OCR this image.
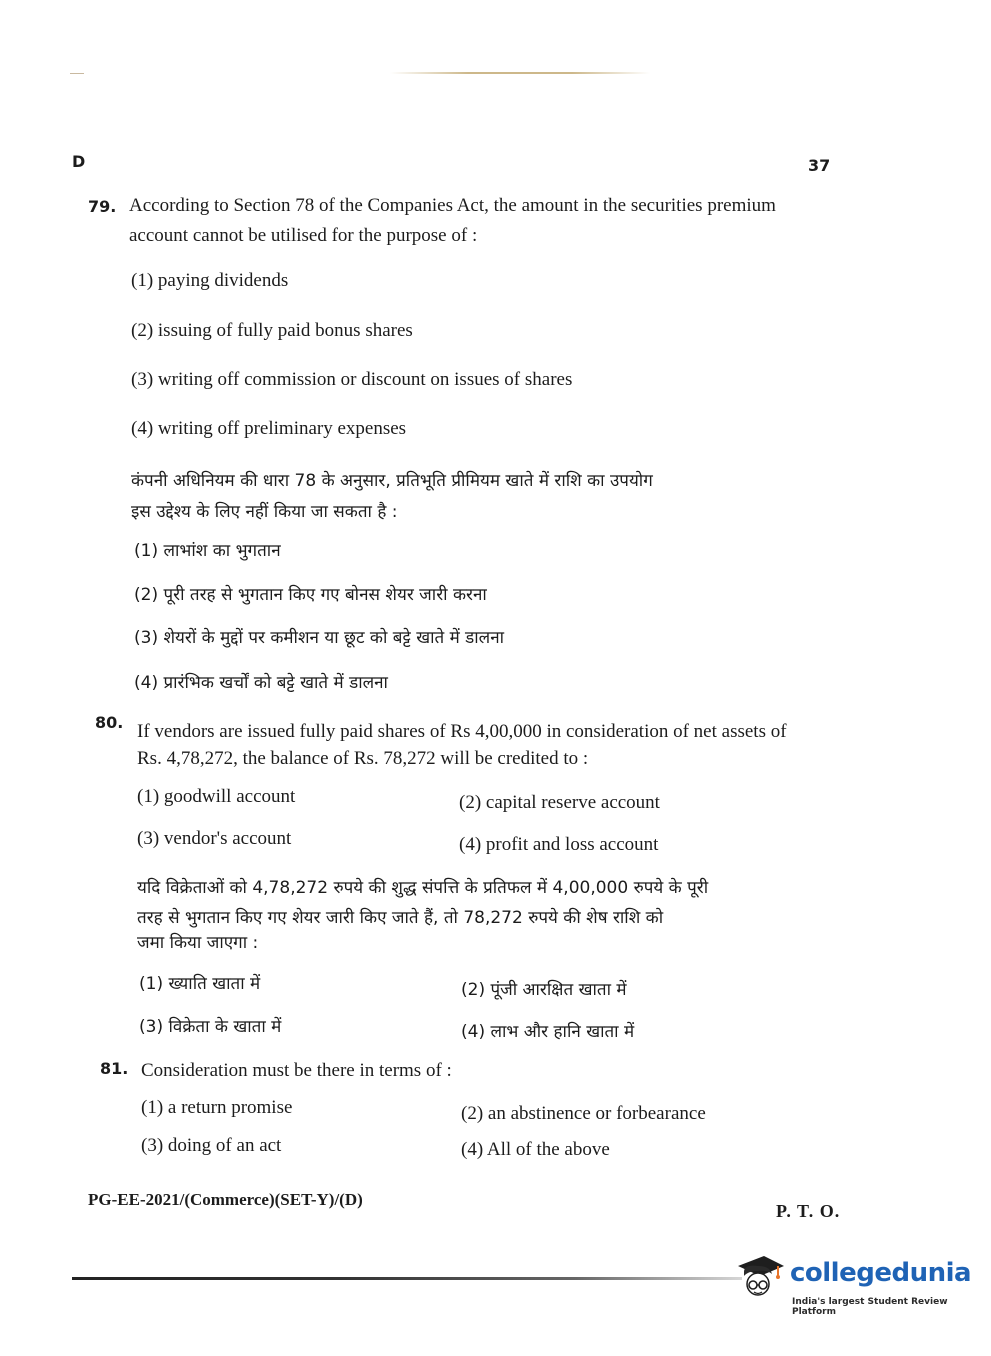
D	37
79. According to Section 78 of the Companies Act, the amount in the securities premium
account cannot be utilised for the purpose of :
(1) paying dividends
(2) issuing of fully paid bonus shares
(3) writing off commission or discount on issues of shares
(4) writing off preliminary expenses
कंपनी अधिनियम की धारा 78 के अनुसार, प्रतिभूति प्रीमियम खाते में राशि का उपयोग
इस उद्देश्य के लिए नहीं किया जा सकता है :
(1) लाभांश का भुगतान
(2) पूरी तरह से भुगतान किए गए बोनस शेयर जारी करना
(3) शेयरों के मुद्दों पर कमीशन या छूट को बट्टे खाते में डालना
(4) प्रारंभिक खर्चों को बट्टे खाते में डालना
80. If vendors are issued fully paid shares of Rs 4,00,000 in consideration of net assets of
Rs. 4,78,272, the balance of Rs. 78,272 will be credited to :
(1) goodwill account	(2) capital reserve account
(3) vendor's account	(4) profit and loss account
यदि विक्रेताओं को 4,78,272 रुपये की शुद्ध संपत्ति के प्रतिफल में 4,00,000 रुपये के पूरी
तरह से भुगतान किए गए शेयर जारी किए जाते हैं, तो 78,272 रुपये की शेष राशि को
जमा किया जाएगा :
(1) ख्याति खाता में	(2) पूंजी आरक्षित खाता में
(3) विक्रेता के खाता में	(4) लाभ और हानि खाता में
81. Consideration must be there in terms of :
(1) a return promise	(2) an abstinence or forbearance
(3) doing of an act	(4) All of the above
PG-EE-2021/(Commerce)(SET-Y)/(D)
P. T. O.
collegedunia
India's largest Student Review Platform
